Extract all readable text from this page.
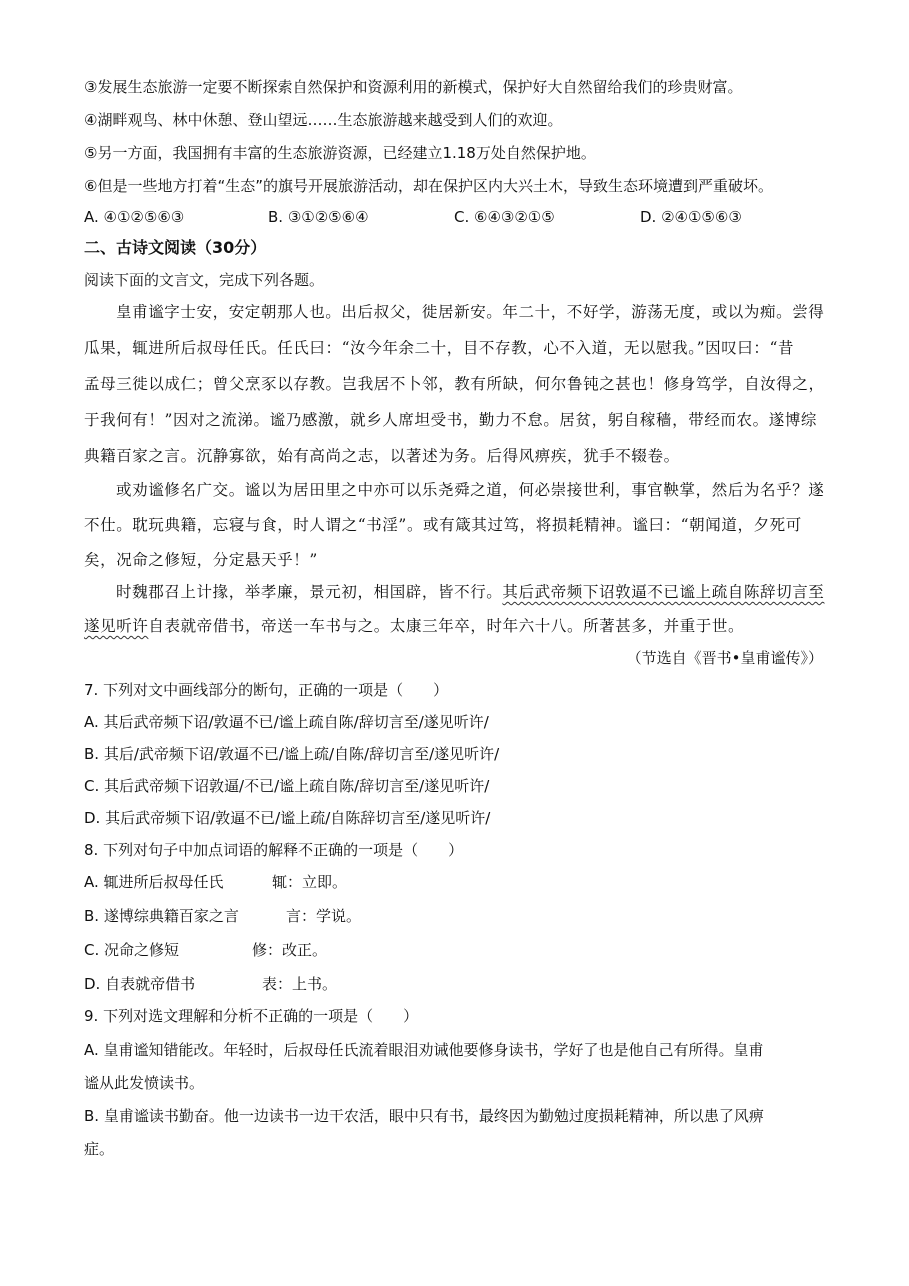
③发展生态旅游一定要不断探索自然保护和资源利用的新模式，保护好大自然留给我们的珍贵财富。
④湖畔观鸟、林中休憩、登山望远……生态旅游越来越受到人们的欢迎。
⑤另一方面，我国拥有丰富的生态旅游资源，已经建立1.18万处自然保护地。
⑥但是一些地方打着“生态”的旗号开展旅游活动，却在保护区内大兴土木，导致生态环境遭到严重破坏。
A. ④①②⑤⑥③	B. ③①②⑤⑥④	C. ⑥④③②①⑤	D. ②④①⑤⑥③
二、古诗文阅读（30分）
阅读下面的文言文，完成下列各题。
皇甫谧字士安，安定朝那人也。出后叔父，徙居新安。年二十，不好学，游荡无度，或以为痴。尝得
瓜果，辄进所后叔母任氏。任氏曰：“汝今年余二十，目不存教，心不入道，无以慰我。”因叹曰：“昔
孟母三徙以成仁；曾父烹豕以存教。岂我居不卜邻，教有所缺，何尔鲁钝之甚也！修身笃学，自汝得之，
于我何有！”因对之流涕。谧乃感激，就乡人席坦受书，勤力不怠。居贫，躬自稼穑，带经而农。遂博综
典籍百家之言。沉静寡欲，始有高尚之志，以著述为务。后得风痹疾，犹手不辍卷。
或劝谧修名广交。谧以为居田里之中亦可以乐尧舜之道，何必崇接世利，事官鞅掌，然后为名乎？遂
不仕。耽玩典籍，忘寝与食，时人谓之“书淫”。或有箴其过笃，将损耗精神。谧曰：“朝闻道，夕死可
矣，况命之修短，分定悬天乎！”
时魏郡召上计掾，举孝廉，景元初，相国辟，皆不行。其后武帝频下诏敦逼不已谧上疏自陈辞切言至
遂见听许自表就帝借书，帝送一车书与之。太康三年卒，时年六十八。所著甚多，并重于世。
（节选自《晋书•皇甫谧传》）
7. 下列对文中画线部分的断句，正确的一项是（　　）
A. 其后武帝频下诏/敦逼不已/谧上疏自陈/辞切言至/遂见听许/
B. 其后/武帝频下诏/敦逼不已/谧上疏/自陈/辞切言至/遂见听许/
C. 其后武帝频下诏敦逼/不已/谧上疏自陈/辞切言至/遂见听许/
D. 其后武帝频下诏/敦逼不已/谧上疏/自陈辞切言至/遂见听许/
8. 下列对句子中加点词语的解释不正确的一项是（　　）
A. 辄进所后叔母任氏	辄：立即。
B. 遂博综典籍百家之言	言：学说。
C. 况命之修短	修：改正。
D. 自表就帝借书	表：上书。
9. 下列对选文理解和分析不正确的一项是（　　）
A. 皇甫谧知错能改。年轻时，后叔母任氏流着眼泪劝诫他要修身读书，学好了也是他自己有所得。皇甫
谧从此发愤读书。
B. 皇甫谧读书勤奋。他一边读书一边干农活，眼中只有书，最终因为勤勉过度损耗精神，所以患了风痹
症。
